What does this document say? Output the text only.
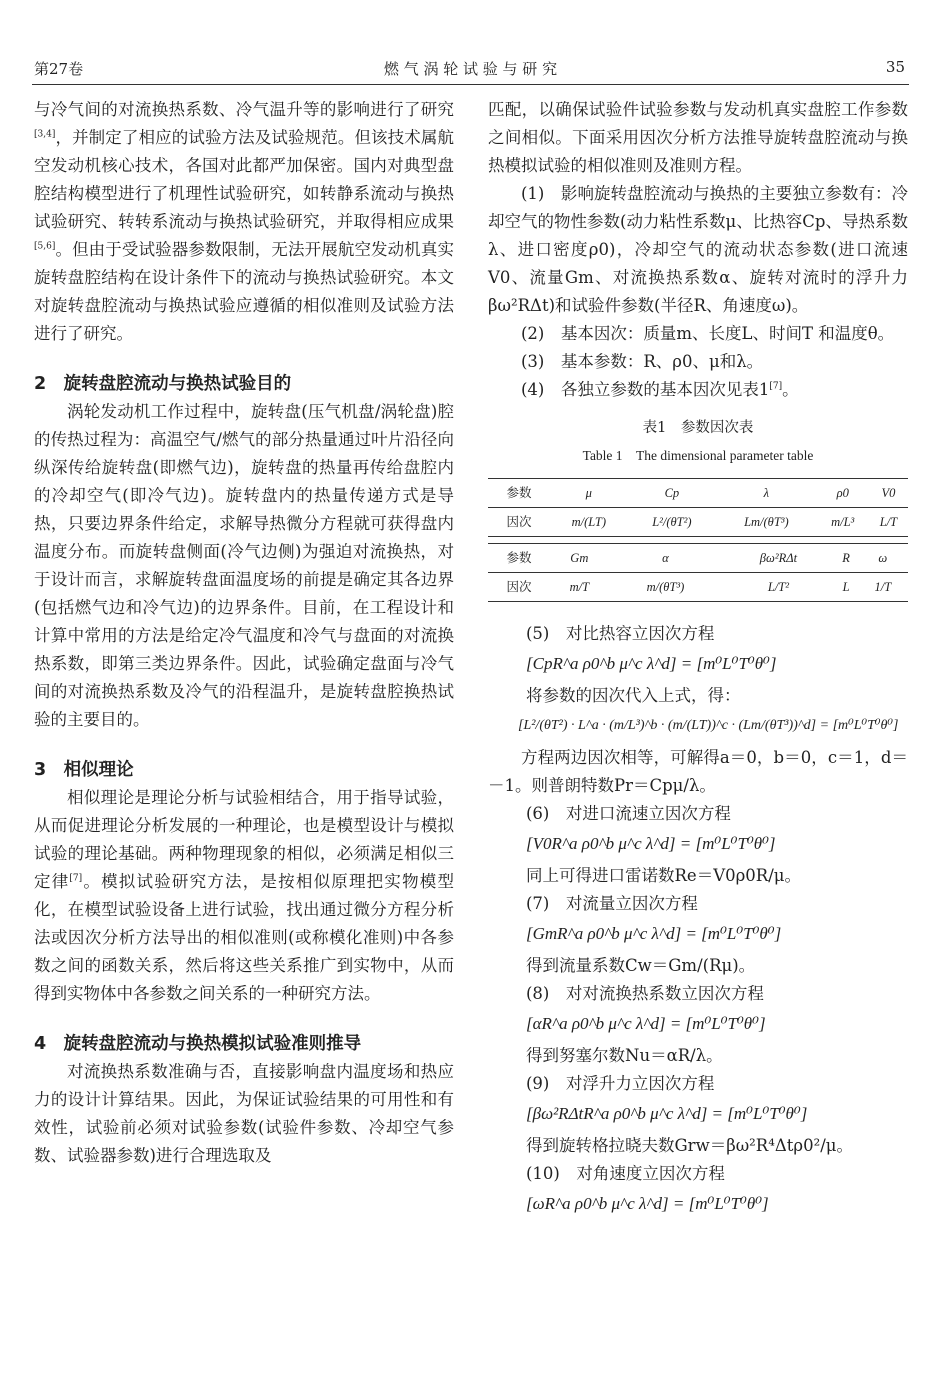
第27卷	燃 气 涡 轮 试 验 与 研 究	35

与冷气间的对流换热系数、冷气温升等的影响进行了研究[3,4]，并制定了相应的试验方法及试验规范。但该技术属航空发动机核心技术，各国对此都严加保密。国内对典型盘腔结构模型进行了机理性试验研究，如转静系流动与换热试验研究、转转系流动与换热试验研究，并取得相应成果[5,6]。但由于受试验器参数限制，无法开展航空发动机真实旋转盘腔结构在设计条件下的流动与换热试验研究。本文对旋转盘腔流动与换热试验应遵循的相似准则及试验方法进行了研究。

2　旋转盘腔流动与换热试验目的

涡轮发动机工作过程中，旋转盘(压气机盘/涡轮盘)腔的传热过程为：高温空气/燃气的部分热量通过叶片沿径向纵深传给旋转盘(即燃气边)，旋转盘的热量再传给盘腔内的冷却空气(即冷气边)。旋转盘内的热量传递方式是导热，只要边界条件给定，求解导热微分方程就可获得盘内温度分布。而旋转盘侧面(冷气边侧)为强迫对流换热，对于设计而言，求解旋转盘面温度场的前提是确定其各边界(包括燃气边和冷气边)的边界条件。目前，在工程设计和计算中常用的方法是给定冷气温度和冷气与盘面的对流换热系数，即第三类边界条件。因此，试验确定盘面与冷气间的对流换热系数及冷气的沿程温升，是旋转盘腔换热试验的主要目的。

3　相似理论

相似理论是理论分析与试验相结合，用于指导试验，从而促进理论分析发展的一种理论，也是模型设计与模拟试验的理论基础。两种物理现象的相似，必须满足相似三定律[7]。模拟试验研究方法，是按相似原理把实物模型化，在模型试验设备上进行试验，找出通过微分方程分析法或因次分析方法导出的相似准则(或称模化准则)中各参数之间的函数关系，然后将这些关系推广到实物中，从而得到实物体中各参数之间关系的一种研究方法。

4　旋转盘腔流动与换热模拟试验准则推导

对流换热系数准确与否，直接影响盘内温度场和热应力的设计计算结果。因此，为保证试验结果的可用性和有效性，试验前必须对试验参数(试验件参数、冷却空气参数、试验器参数)进行合理选取及

匹配，以确保试验件试验参数与发动机真实盘腔工作参数之间相似。下面采用因次分析方法推导旋转盘腔流动与换热模拟试验的相似准则及准则方程。

(1)　影响旋转盘腔流动与换热的主要独立参数有：冷却空气的物性参数(动力粘性系数μ、比热容Cp、导热系数λ、进口密度ρ0)，冷却空气的流动状态参数(进口流速V0、流量Gm、对流换热系数α、旋转对流时的浮升力βω²RΔt)和试验件参数(半径R、角速度ω)。

(2)　基本因次：质量m、长度L、时间T 和温度θ。

(3)　基本参数：R、ρ0、μ和λ。

(4)　各独立参数的基本因次见表1[7]。

表1　参数因次表

Table 1　The dimensional parameter table

参数	μ	Cp	λ	ρ0	V0
因次	m/(LT)	L²/(θT²)	Lm/(θT³)	m/L³	L/T
参数	Gm	α	βω²RΔt	R	ω
因次	m/T	m/(θT³)	L/T²	L	1/T

(5)　对比热容立因次方程

[CpR^a ρ0^b μ^c λ^d] = [m⁰L⁰T⁰θ⁰]

将参数的因次代入上式，得：

[L²/(θT²) · L^a · (m/L³)^b · (m/(LT))^c · (Lm/(θT³))^d] = [m⁰L⁰T⁰θ⁰]

方程两边因次相等，可解得a＝0，b＝0，c＝1，d＝－1。则普朗特数Pr＝Cpμ/λ。

(6)　对进口流速立因次方程

[V0R^a ρ0^b μ^c λ^d] = [m⁰L⁰T⁰θ⁰]

同上可得进口雷诺数Re＝V0ρ0R/μ。

(7)　对流量立因次方程

[GmR^a ρ0^b μ^c λ^d] = [m⁰L⁰T⁰θ⁰]

得到流量系数Cw＝Gm/(Rμ)。

(8)　对对流换热系数立因次方程

[αR^a ρ0^b μ^c λ^d] = [m⁰L⁰T⁰θ⁰]

得到努塞尔数Nu＝αR/λ。

(9)　对浮升力立因次方程

[βω²RΔtR^a ρ0^b μ^c λ^d] = [m⁰L⁰T⁰θ⁰]

得到旋转格拉晓夫数Grw＝βω²R⁴Δtρ0²/μ。

(10)　对角速度立因次方程

[ωR^a ρ0^b μ^c λ^d] = [m⁰L⁰T⁰θ⁰]
